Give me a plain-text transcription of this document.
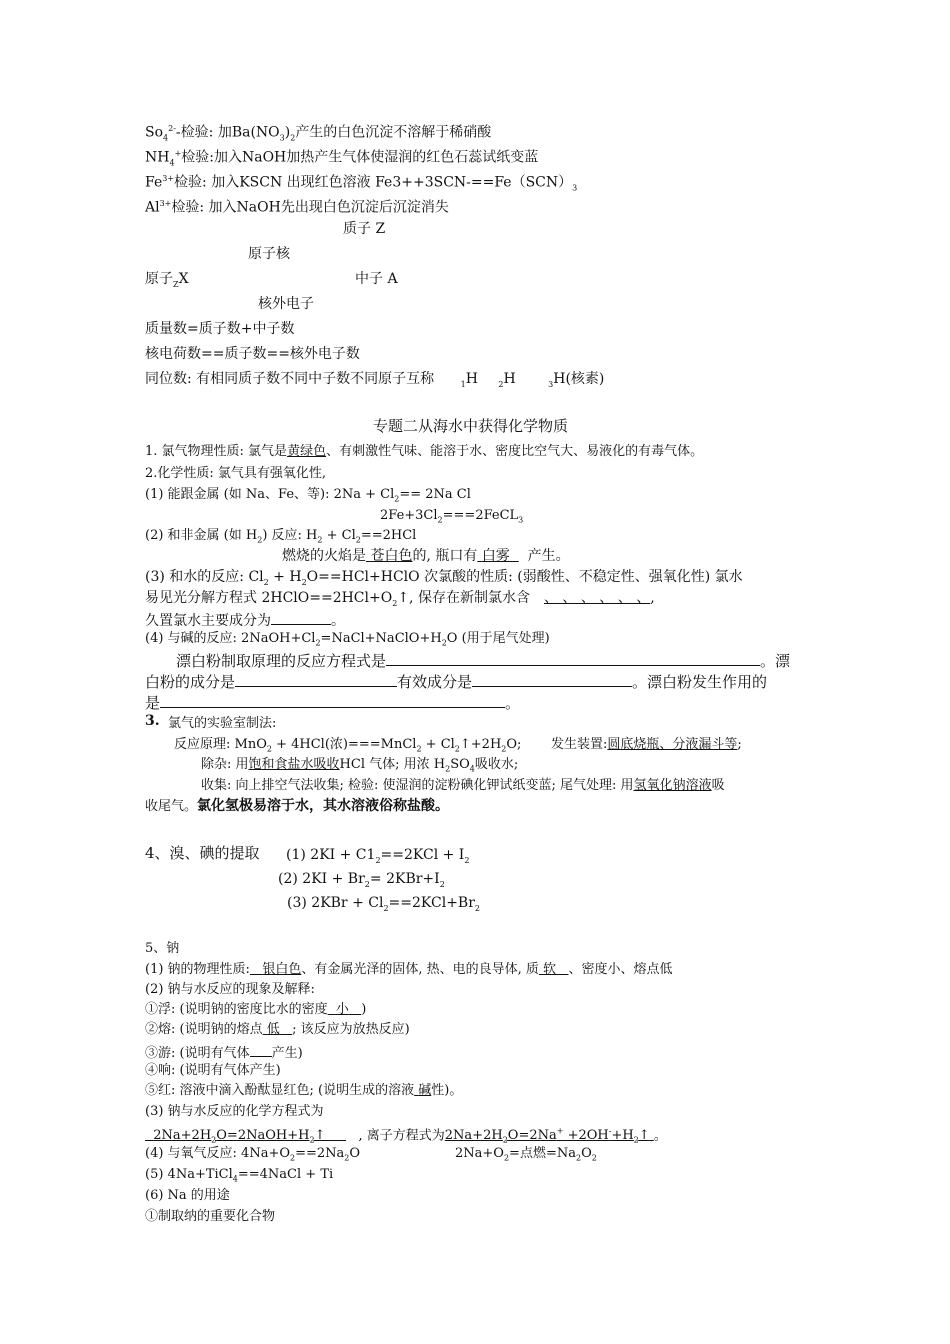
$So_4^{2-}-$检验: 加$Ba(NO_3)_2$产生的白色沉淀不溶解于稀硝酸
$NH_4^+$检验:加入NaOH加热产生气体使湿润的红色石蕊试纸变蓝
$Fe^{3+}$检验: 加入KSCN 出现红色溶液 $Fe3++3SCN-==Fe(SCN)_3$
$Al^{3+}$检验: 加入NaOH先出现白色沉淀后沉淀消失
质子 Z
原子核
原子$_Z$X	中子 A
核外电子
质量数=质子数+中子数
核电荷数==质子数==核外电子数
同位数: 有相同质子数不同中子数不同原子互称	$_1$H	$_2$H	$_3$H(核素)
专题二从海水中获得化学物质
1. 氯气物理性质: 氯气是黄绿色、有刺激性气味、能溶于水、密度比空气大、易液化的有毒气体。
2.化学性质: 氯气具有强氧化性,
(1) 能跟金属 (如 Na、Fe、等): $2Na + Cl_2== 2Na$ Cl
$2Fe+3Cl_2===2FeCL_3$
(2) 和非金属 (如 $H_2$) 反应: $H_2 + Cl_2==2HCl$
燃烧的火焰是 苍白色的, 瓶口有 白雾 产生。
(3) 和水的反应: $Cl_2$ + $H_2O==HCl+HClO$ 次氯酸的性质: (弱酸性、不稳定性、强氧化性) 氯水
易见光分解方程式 $2HClO==2HCl+O_2↑$, 保存在新制氯水含 、 、 、 、 、 、,
久置氯水主要成分为	。
(4) 与碱的反应: $2NaOH+Cl_2=NaCl+NaClO+H_2O$ (用于尾气处理)
漂白粉制取原理的反应方程式是	。漂
白粉的成分是	有效成分是	。漂白粉发生作用的
是	。
3. 氯气的实验室制法:
反应原理: MnO$_2$ + 4HCl(浓)===MnCl$_2$ + $Cl_2↑+2H_2O$; 发生装置:圆底烧瓶、分液漏斗等;
除杂: 用饱和食盐水吸收HCl 气体; 用浓 $H_2SO_4$吸收水;
收集: 向上排空气法收集; 检验: 使湿润的淀粉碘化钾试纸变蓝; 尾气处理: 用氢氧化钠溶液吸
收尾气。氯化氢极易溶于水，其水溶液俗称盐酸。
4、溴、碘的提取 (1) $2KI + C1_2==2KCl + I_2$
(2) $2KI + Br_2= 2KBr+I_2$
(3) $2KBr + Cl_2==2KCl+Br_2$
5、钠
(1) 钠的物理性质: 银白色、有金属光泽的固体, 热、电的良导体, 质 软 、密度小、熔点低
(2) 钠与水反应的现象及解释:
①浮: (说明钠的密度比水的密度 小 )
②熔: (说明钠的熔点 低 ; 该反应为放热反应)
③游: (说明有气体 产生)
④响: (说明有气体产生)
⑤红: 溶液中滴入酚酞显红色; (说明生成的溶液 碱性)。
(3) 钠与水反应的化学方程式为
$2Na+2H_2O=2NaOH+H_2↑$	, 离子方程式为$2Na+2H_2O=2Na^+$ $+2OH^-+H_2↑$ 。
(4) 与氧气反应: $4Na+O_2==2Na_2O$	$2Na+O_2=$点燃$=Na_2O_2$
(5) 4Na+TiCl$_4$==4NaCl + Ti
(6) Na 的用途
①制取纳的重要化合物
